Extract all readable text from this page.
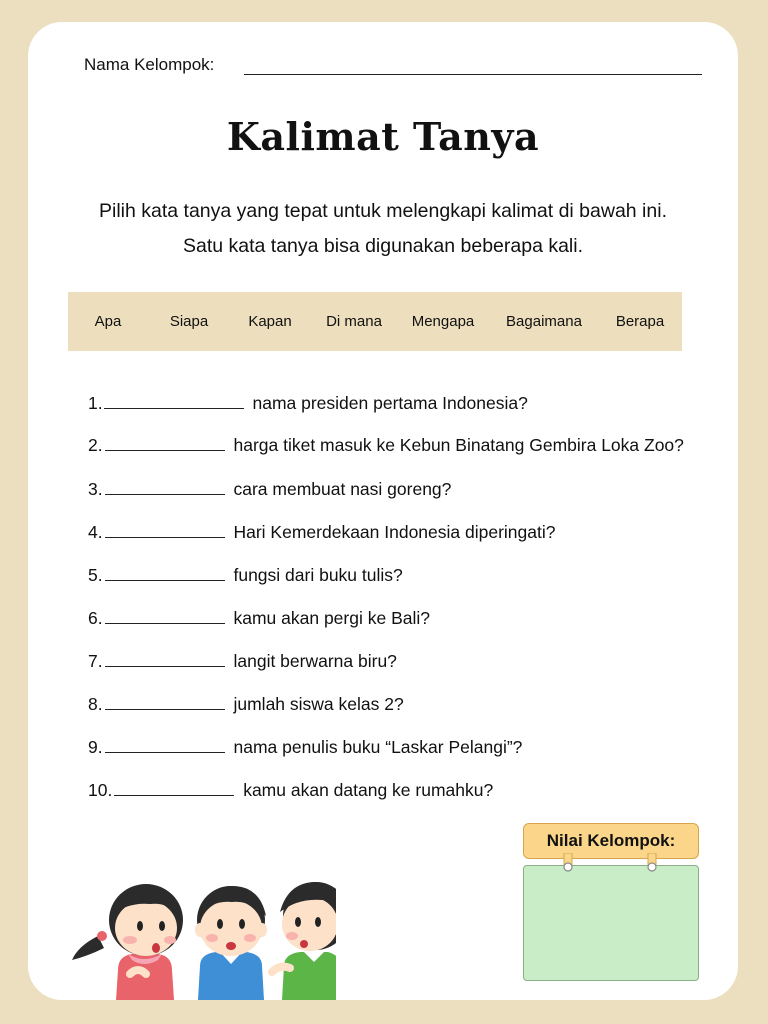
Nama Kelompok:
Kalimat Tanya
Pilih kata tanya yang tepat untuk melengkapi kalimat di bawah ini.
Satu kata tanya bisa digunakan beberapa kali.
Apa	Siapa	Kapan Di mana Mengapa Bagaimana Berapa
1.	nama presiden pertama Indonesia?
2.	harga tiket masuk ke Kebun Binatang Gembira Loka Zoo?
3.	cara membuat nasi goreng?
4.	Hari Kemerdekaan Indonesia diperingati?
5.	fungsi dari buku tulis?
6.	kamu akan pergi ke Bali?
7.	langit berwarna biru?
8.	jumlah siswa kelas 2?
9.	nama penulis buku “Laskar Pelangi”?
10.	kamu akan datang ke rumahku?
Nilai Kelompok:
